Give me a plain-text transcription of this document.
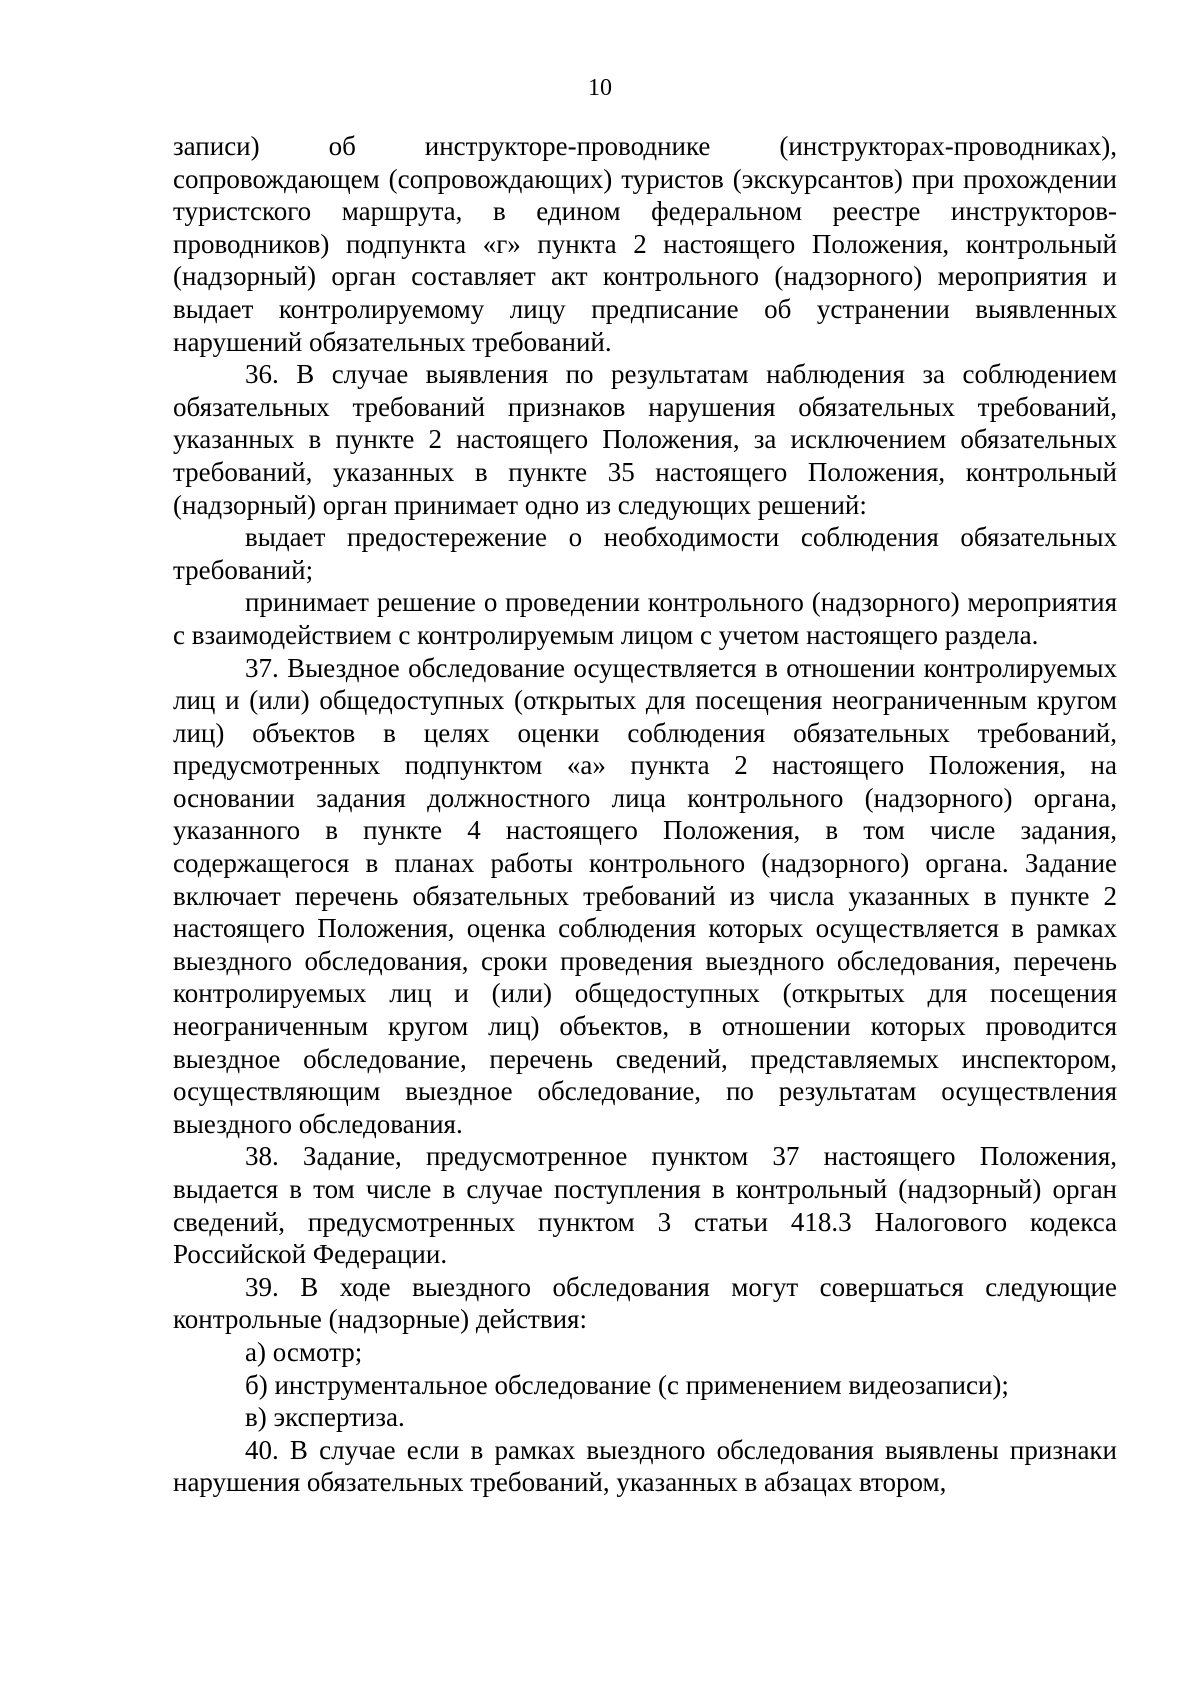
10

записи) об инструкторе-проводнике (инструкторах-проводниках), сопровождающем (сопровождающих) туристов (экскурсантов) при прохождении туристского маршрута, в едином федеральном реестре инструкторов-проводников) подпункта «г» пункта 2 настоящего Положения, контрольный (надзорный) орган составляет акт контрольного (надзорного) мероприятия и выдает контролируемому лицу предписание об устранении выявленных нарушений обязательных требований.

36. В случае выявления по результатам наблюдения за соблюдением обязательных требований признаков нарушения обязательных требований, указанных в пункте 2 настоящего Положения, за исключением обязательных требований, указанных в пункте 35 настоящего Положения, контрольный (надзорный) орган принимает одно из следующих решений:

выдает предостережение о необходимости соблюдения обязательных требований;

принимает решение о проведении контрольного (надзорного) мероприятия с взаимодействием с контролируемым лицом с учетом настоящего раздела.

37. Выездное обследование осуществляется в отношении контролируемых лиц и (или) общедоступных (открытых для посещения неограниченным кругом лиц) объектов в целях оценки соблюдения обязательных требований, предусмотренных подпунктом «а» пункта 2 настоящего Положения, на основании задания должностного лица контрольного (надзорного) органа, указанного в пункте 4 настоящего Положения, в том числе задания, содержащегося в планах работы контрольного (надзорного) органа. Задание включает перечень обязательных требований из числа указанных в пункте 2 настоящего Положения, оценка соблюдения которых осуществляется в рамках выездного обследования, сроки проведения выездного обследования, перечень контролируемых лиц и (или) общедоступных (открытых для посещения неограниченным кругом лиц) объектов, в отношении которых проводится выездное обследование, перечень сведений, представляемых инспектором, осуществляющим выездное обследование, по результатам осуществления выездного обследования.

38. Задание, предусмотренное пунктом 37 настоящего Положения, выдается в том числе в случае поступления в контрольный (надзорный) орган сведений, предусмотренных пунктом 3 статьи 418.3 Налогового кодекса Российской Федерации.

39. В ходе выездного обследования могут совершаться следующие контрольные (надзорные) действия:

а) осмотр;

б) инструментальное обследование (с применением видеозаписи);

в) экспертиза.

40. В случае если в рамках выездного обследования выявлены признаки нарушения обязательных требований, указанных в абзацах втором,
